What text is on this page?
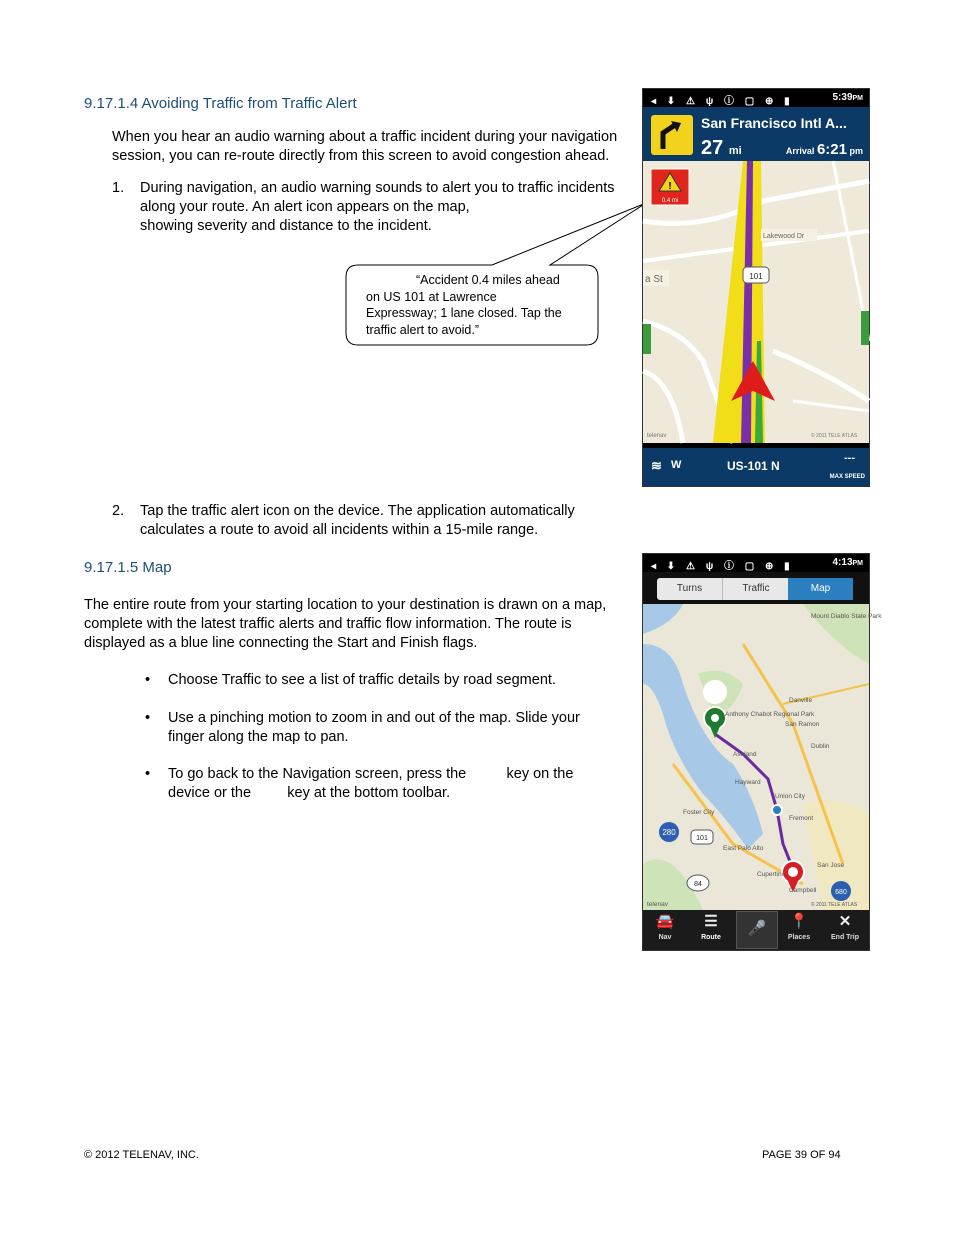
9.17.1.4 Avoiding Traffic from Traffic Alert
When you hear an audio warning about a traffic incident during your navigation
session, you can re-route directly from this screen to avoid congestion ahead.
1. During navigation, an audio warning sounds to alert you to traffic incidents
along your route. An alert icon appears on the map,
showing severity and distance to the incident.
“Accident 0.4 miles ahead
on US 101 at Lawrence
Expressway; 1 lane closed. Tap the
traffic alert to avoid.”
2. Tap the traffic alert icon on the device. The application automatically
calculates a route to avoid all incidents within a 15-mile range.
9.17.1.5 Map
The entire route from your starting location to your destination is drawn on a map,
complete with the latest traffic alerts and traffic flow information. The route is
displayed as a blue line connecting the Start and Finish flags.
• Choose Traffic to see a list of traffic details by road segment.
• Use a pinching motion to zoom in and out of the map. Slide your
finger along the map to pan.
• To go back to the Navigation screen, press the          key on the
device or the         key at the bottom toolbar.
◂ ⬇ ⚠ ψ ⓘ ▢ ⊕ ▮	5:39PM
San Francisco Intl A...
27 mi	Arrival 6:21 pm
!
0.4 mi
Lakewood Dr
a St	101
telenav	© 2011 TELE ATLAS
≋ W	US-101 N
---
MAX SPEED
◂ ⬇ ⚠ ψ ⓘ ▢ ⊕ ▮	4:13PM
Turns	Traffic	Map
280
101
84
680
Mount Diablo State Park
Danville
San Ramon
Dublin
Anthony Chabot Regional Park
Ashland
Hayward
Union City
Fremont
Foster City
East Palo Alto
San Jose
Cupertino
Campbell
telenav	© 2011 TELE ATLAS
🚘
Nav
☰
Route
🎤	📍
Places
✕
End Trip
© 2012 TELENAV, INC.	PAGE 39 OF 94
